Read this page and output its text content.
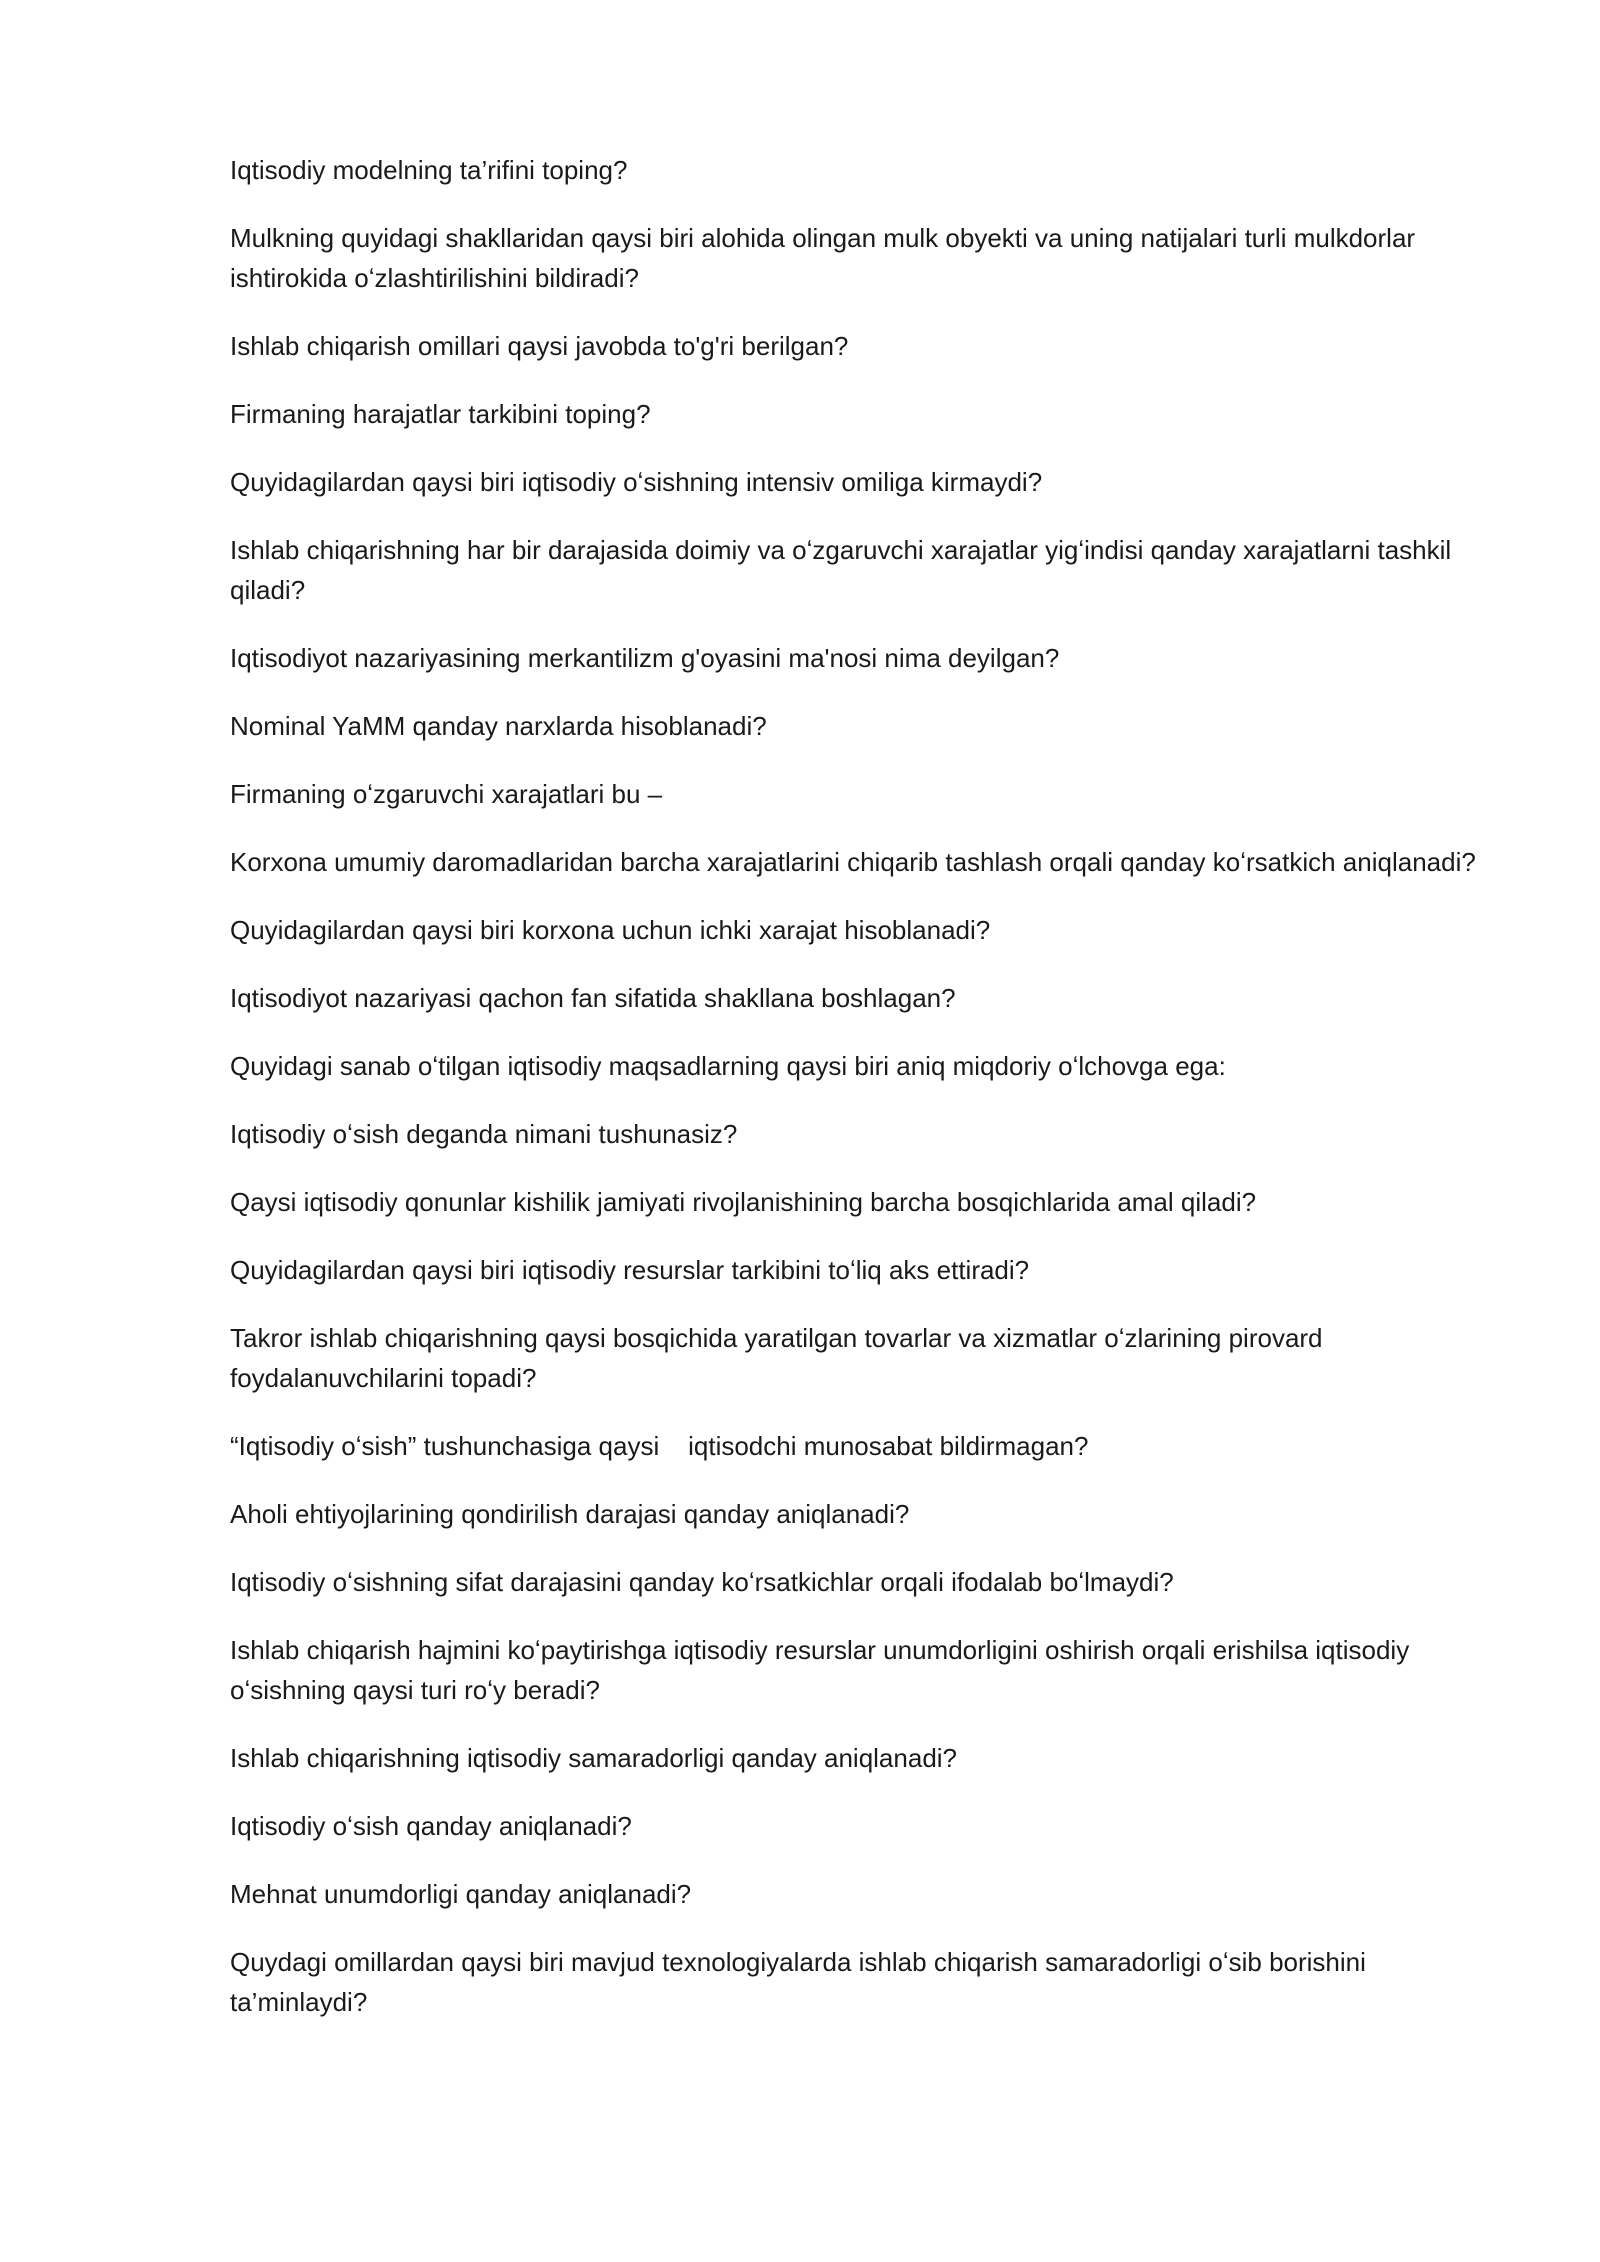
Iqtisodiy modelning ta’rifini toping?

Mulkning quyidagi shakllaridan qaysi biri alohida olingan mulk obyekti va uning natijalari turli mulkdorlar ishtirokida oʻzlashtirilishini bildiradi?

Ishlab chiqarish omillari qaysi javobda to'g'ri berilgan?

Firmaning harajatlar tarkibini toping?

Quyidagilardan qaysi biri iqtisodiy oʻsishning intensiv omiliga kirmaydi?

Ishlab chiqarishning har bir darajasida doimiy va oʻzgaruvchi xarajatlar yigʻindisi qanday xarajatlarni tashkil qiladi?

Iqtisodiyot nazariyasining merkantilizm g'oyasini ma'nosi nima deyilgan?

Nominal YaMM qanday narxlarda hisoblanadi?

Firmaning oʻzgaruvchi xarajatlari bu –

Korxona umumiy daromadlaridan barcha xarajatlarini chiqarib tashlash orqali qanday koʻrsatkich aniqlanadi?

Quyidagilardan qaysi biri korxona uchun ichki xarajat hisoblanadi?

Iqtisodiyot nazariyasi qachon fan sifatida shakllana boshlagan?

Quyidagi sanab oʻtilgan iqtisodiy maqsadlarning qaysi biri aniq miqdoriy oʻlchovga ega:

Iqtisodiy oʻsish deganda nimani tushunasiz?

Qaysi iqtisodiy qonunlar kishilik jamiyati rivojlanishining barcha bosqichlarida amal qiladi?

Quyidagilardan qaysi biri iqtisodiy resurslar tarkibini toʻliq aks ettiradi?

Takror ishlab chiqarishning qaysi bosqichida yaratilgan tovarlar va xizmatlar oʻzlarining pirovard foydalanuvchilarini topadi?

“Iqtisodiy oʻsish” tushunchasiga qaysi    iqtisodchi munosabat bildirmagan?

Aholi ehtiyojlarining qondirilish darajasi qanday aniqlanadi?

Iqtisodiy oʻsishning sifat darajasini qanday koʻrsatkichlar orqali ifodalab boʻlmaydi?

Ishlab chiqarish hajmini koʻpaytirishga iqtisodiy resurslar unumdorligini oshirish orqali erishilsa iqtisodiy oʻsishning qaysi turi roʻy beradi?

Ishlab chiqarishning iqtisodiy samaradorligi qanday aniqlanadi?

Iqtisodiy oʻsish qanday aniqlanadi?

Mehnat unumdorligi qanday aniqlanadi?

Quydagi omillardan qaysi biri mavjud texnologiyalarda ishlab chiqarish samaradorligi oʻsib borishini ta’minlaydi?
